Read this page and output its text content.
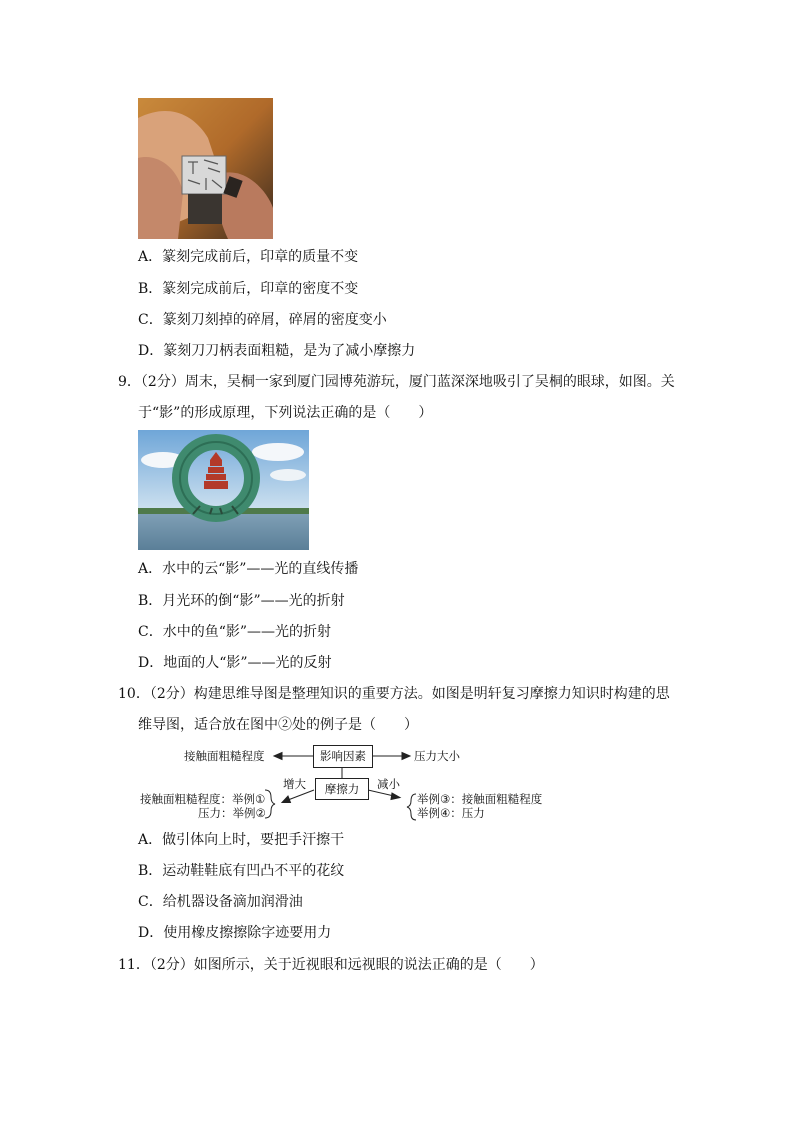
A．篆刻完成前后，印章的质量不变
B．篆刻完成前后，印章的密度不变
C．篆刻刀刻掉的碎屑，碎屑的密度变小
D．篆刻刀刀柄表面粗糙，是为了减小摩擦力
9．（2分）周末，吴桐一家到厦门园博苑游玩，厦门蓝深深地吸引了吴桐的眼球，如图。关
于“影”的形成原理，下列说法正确的是（　　）
A．水中的云“影”——光的直线传播
B．月光环的倒“影”——光的折射
C．水中的鱼“影”——光的折射
D．地面的人“影”——光的反射
10．（2分）构建思维导图是整理知识的重要方法。如图是明轩复习摩擦力知识时构建的思
维导图，适合放在图中②处的例子是（　　）
接触面粗糙程度	影响因素	压力大小
增大	摩擦力	减小
接触面粗糙程度：举例①
压力：举例②
举例③：接触面粗糙程度
举例④：压力
A．做引体向上时，要把手汗擦干
B．运动鞋鞋底有凹凸不平的花纹
C．给机器设备滴加润滑油
D．使用橡皮擦擦除字迹要用力
11．（2分）如图所示，关于近视眼和远视眼的说法正确的是（　　）
